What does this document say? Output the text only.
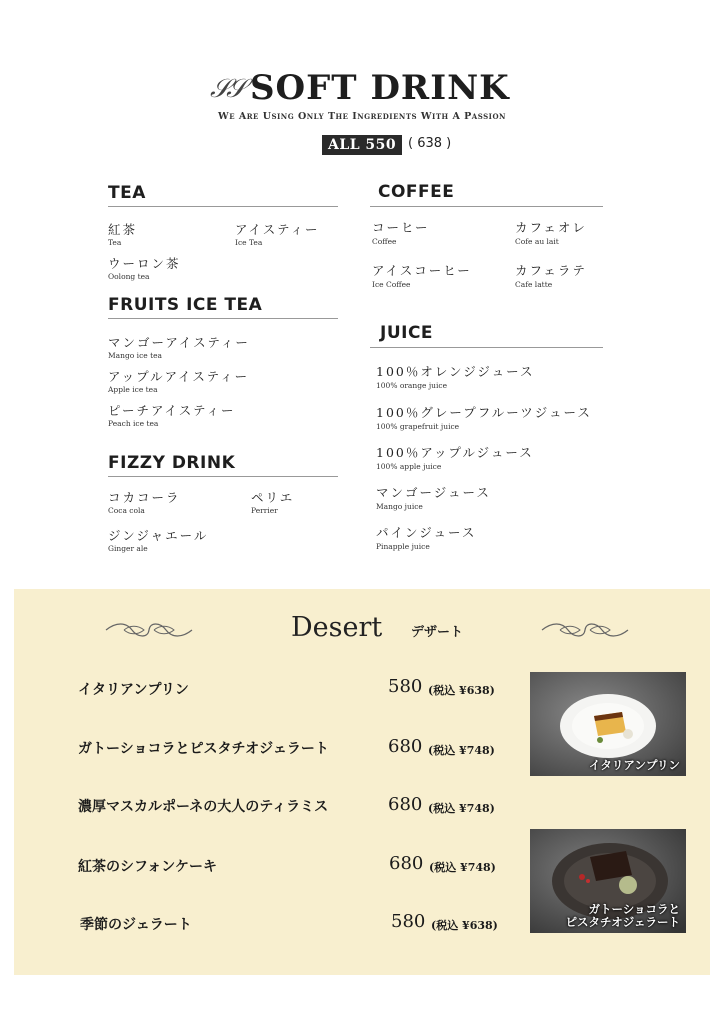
𝒮𝒮 SOFT DRINK
We Are Using Only The Ingredients With A Passion
ALL 550 ( 638 )
TEA
紅茶
Tea
アイスティー
Ice Tea
ウーロン茶
Oolong tea
FRUITS ICE TEA
マンゴーアイスティー
Mango ice tea
アップルアイスティー
Apple ice tea
ピーチアイスティー
Peach ice tea
FIZZY DRINK
コカコーラ
Coca cola
ペリエ
Perrier
ジンジャエール
Ginger ale
COFFEE
コーヒー
Coffee
カフェオレ
Cofe au lait
アイスコーヒー
Ice Coffee
カフェラテ
Cafe latte
JUICE
100％オレンジジュース
100% orange juice
100％グレープフルーツジュース
100% grapefruit juice
100％アップルジュース
100% apple juice
マンゴージュース
Mango juice
パインジュース
Pinapple juice
Desert デザート
イタリアンプリン	580 (税込 ¥638)
ガトーショコラとピスタチオジェラート	680 (税込 ¥748)
濃厚マスカルポーネの大人のティラミス	680 (税込 ¥748)
紅茶のシフォンケーキ	680 (税込 ¥748)
季節のジェラート	580 (税込 ¥638)
イタリアンプリン
ガトーショコラと
ピスタチオジェラート
